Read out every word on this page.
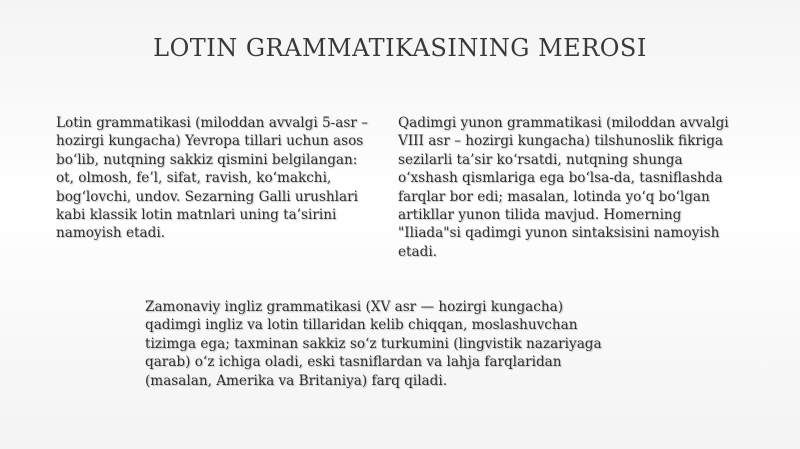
LOTIN GRAMMATIKASINING MEROSI
Lotin grammatikasi (miloddan avvalgi 5-asr – hozirgi kungacha) Yevropa tillari uchun asos bo‘lib, nutqning sakkiz qismini belgilangan: ot, olmosh, fe’l, sifat, ravish, ko‘makchi, bog‘lovchi, undov. Sezarning Galli urushlari kabi klassik lotin matnlari uning ta’sirini namoyish etadi.
Qadimgi yunon grammatikasi (miloddan avvalgi VIII asr – hozirgi kungacha) tilshunoslik fikriga sezilarli ta’sir ko‘rsatdi, nutqning shunga o‘xshash qismlariga ega bo‘lsa-da, tasniflashda farqlar bor edi; masalan, lotinda yo‘q bo‘lgan artikllar yunon tilida mavjud. Homerning "Iliada"si qadimgi yunon sintaksisini namoyish etadi.
Zamonaviy ingliz grammatikasi (XV asr — hozirgi kungacha) qadimgi ingliz va lotin tillaridan kelib chiqqan, moslashuvchan tizimga ega; taxminan sakkiz so‘z turkumini (lingvistik nazariyaga qarab) o‘z ichiga oladi, eski tasniflardan va lahja farqlaridan (masalan, Amerika va Britaniya) farq qiladi.
